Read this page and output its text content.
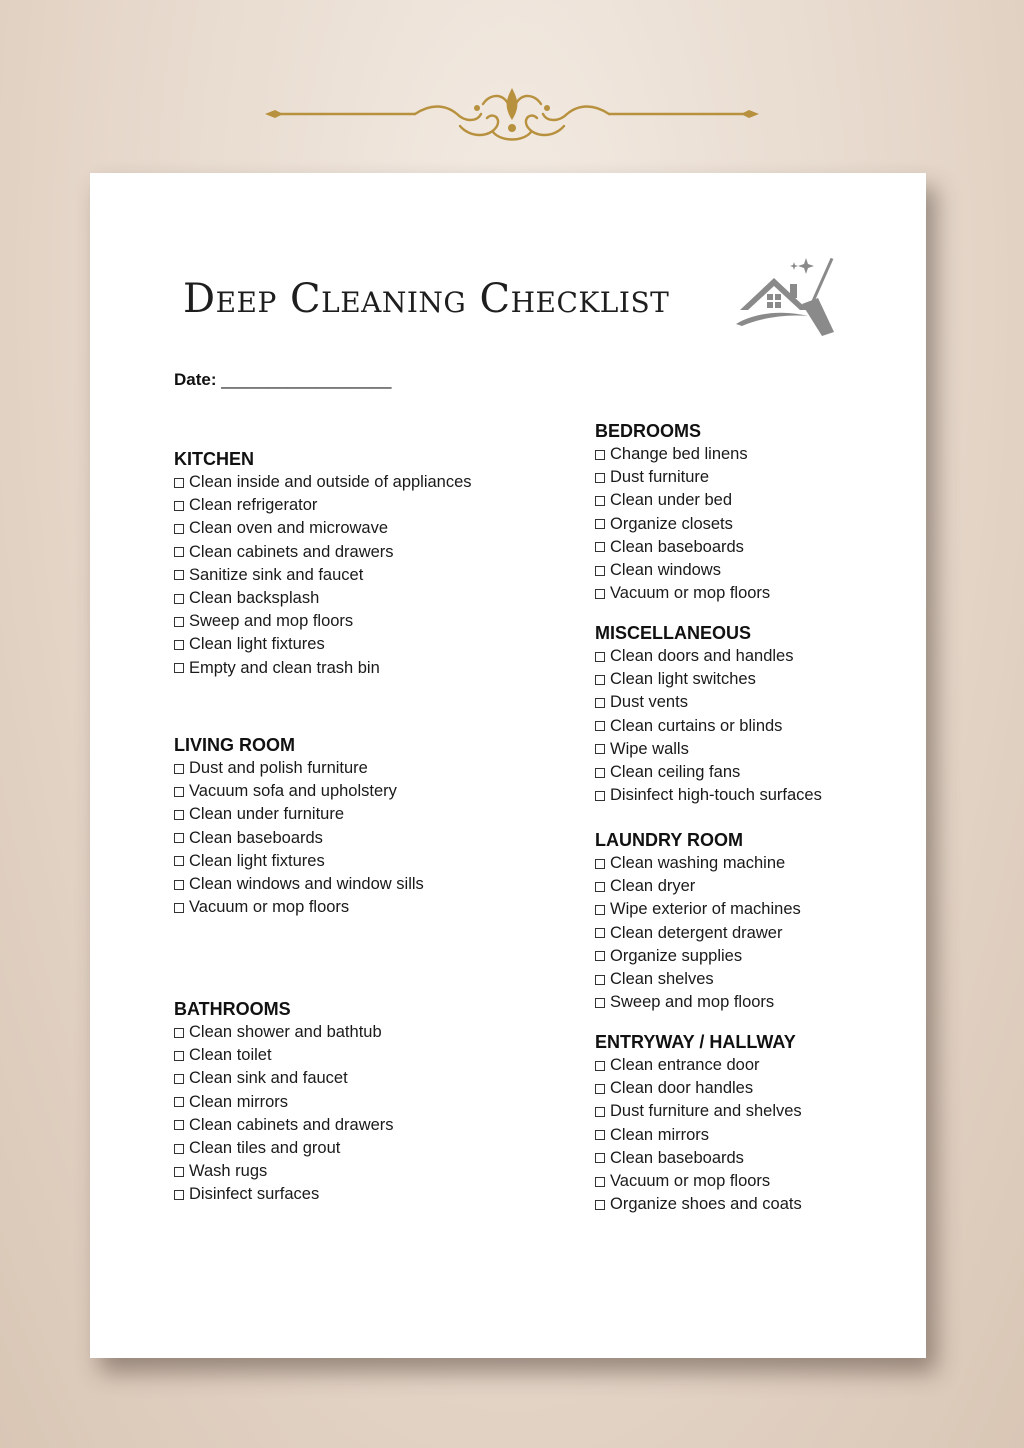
Deep Cleaning Checklist
Date: __________________
KITCHEN
Clean inside and outside of appliances
Clean refrigerator
Clean oven and microwave
Clean cabinets and drawers
Sanitize sink and faucet
Clean backsplash
Sweep and mop floors
Clean light fixtures
Empty and clean trash bin
LIVING ROOM
Dust and polish furniture
Vacuum sofa and upholstery
Clean under furniture
Clean baseboards
Clean light fixtures
Clean windows and window sills
Vacuum or mop floors
BATHROOMS
Clean shower and bathtub
Clean toilet
Clean sink and faucet
Clean mirrors
Clean cabinets and drawers
Clean tiles and grout
Wash rugs
Disinfect surfaces
BEDROOMS
Change bed linens
Dust furniture
Clean under bed
Organize closets
Clean baseboards
Clean windows
Vacuum or mop floors
MISCELLANEOUS
Clean doors and handles
Clean light switches
Dust vents
Clean curtains or blinds
Wipe walls
Clean ceiling fans
Disinfect high-touch surfaces
LAUNDRY ROOM
Clean washing machine
Clean dryer
Wipe exterior of machines
Clean detergent drawer
Organize supplies
Clean shelves
Sweep and mop floors
ENTRYWAY / HALLWAY
Clean entrance door
Clean door handles
Dust furniture and shelves
Clean mirrors
Clean baseboards
Vacuum or mop floors
Organize shoes and coats
